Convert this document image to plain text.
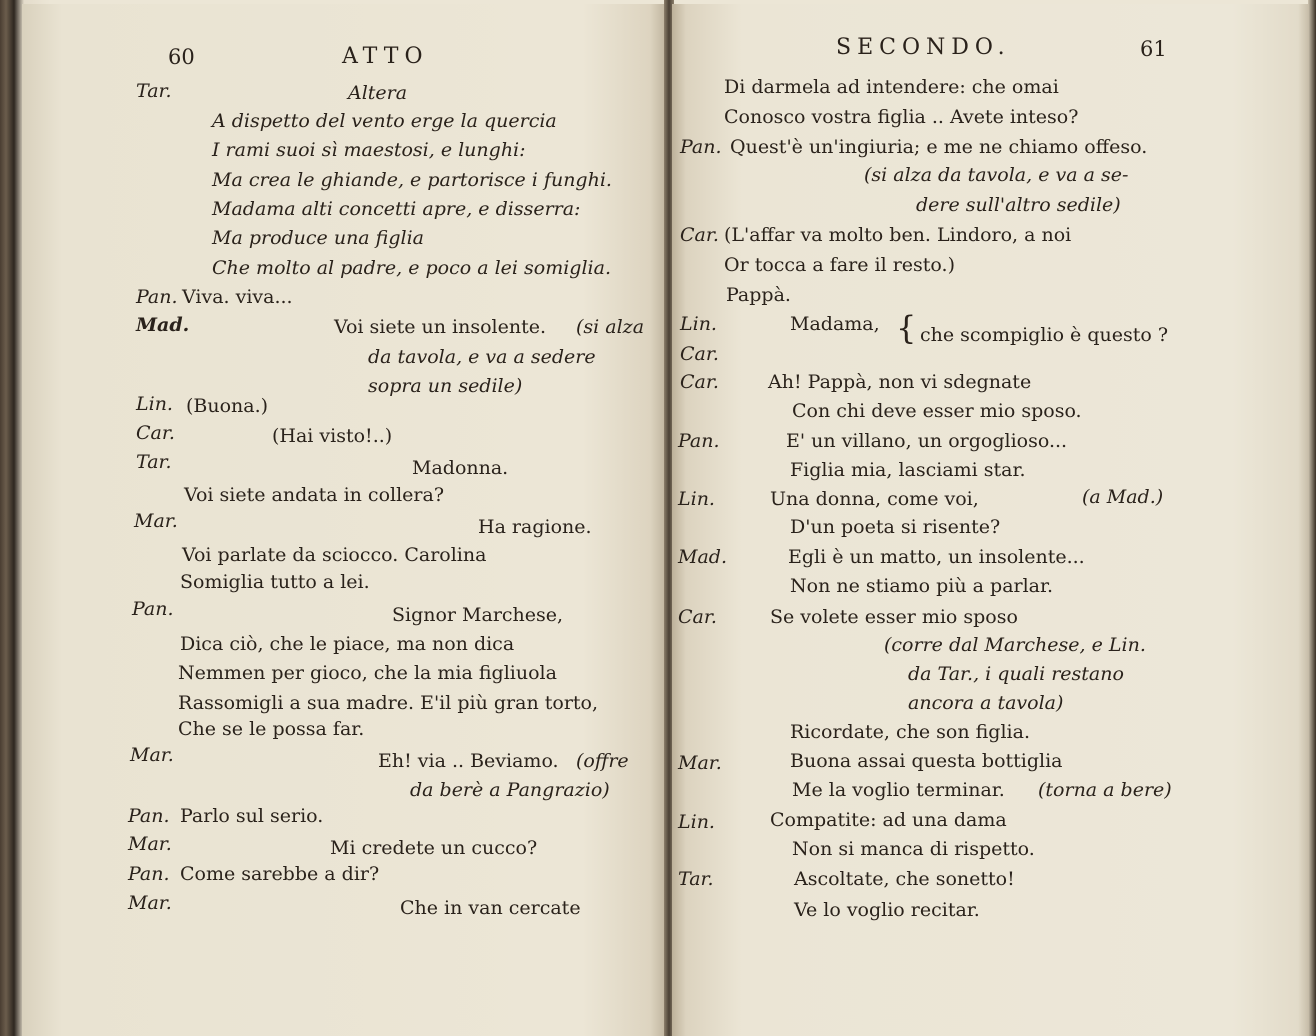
60	ATTO
Tar.	Altera
A dispetto del vento erge la quercia
I rami suoi sì maestosi, e lunghi:
Ma crea le ghiande, e partorisce i funghi.
Madama alti concetti apre, e disserra:
Ma produce una figlia
Che molto al padre, e poco a lei somiglia.
Pan. Viva. viva...
Mad.	Voi siete un insolente. (si alza
da tavola, e va a sedere
sopra un sedile)
Lin. (Buona.)
Car.	(Hai visto!..)
Tar.	Madonna.
Voi siete andata in collera?
Mar.	Ha ragione.
Voi parlate da sciocco. Carolina
Somiglia tutto a lei.
Pan.	Signor Marchese,
Dica ciò, che le piace, ma non dica
Nemmen per gioco, che la mia figliuola
Rassomigli a sua madre. E'il più gran torto,
Che se le possa far.
Mar.	Eh! via .. Beviamo. (offre
da berè a Pangrazio)
Pan. Parlo sul serio.
Mar.	Mi credete un cucco?
Pan. Come sarebbe a dir?
Mar.	Che in van cercate
SECONDO.	61
Di darmela ad intendere: che omai
Conosco vostra figlia .. Avete inteso?
Pan. Quest'è un'ingiuria; e me ne chiamo offeso.
(si alza da tavola, e va a se-
dere sull'altro sedile)
Car. (L'affar va molto ben. Lindoro, a noi
Or tocca a fare il resto.)
Pappà.
Lin.	Madama, { che scompiglio è questo ?
Car.
Car.	Ah! Pappà, non vi sdegnate
Con chi deve esser mio sposo.
Pan.	E' un villano, un orgoglioso...
Figlia mia, lasciami star.
Lin.	Una donna, come voi,	(a Mad.)
D'un poeta si risente?
Mad.	Egli è un matto, un insolente...
Non ne stiamo più a parlar.
Car.	Se volete esser mio sposo
(corre dal Marchese, e Lin.
da Tar., i quali restano
ancora a tavola)
Ricordate, che son figlia.
Mar.	Buona assai questa bottiglia
Me la voglio terminar. (torna a bere)
Lin.	Compatite: ad una dama
Non si manca di rispetto.
Tar.	Ascoltate, che sonetto!
Ve lo voglio recitar.
